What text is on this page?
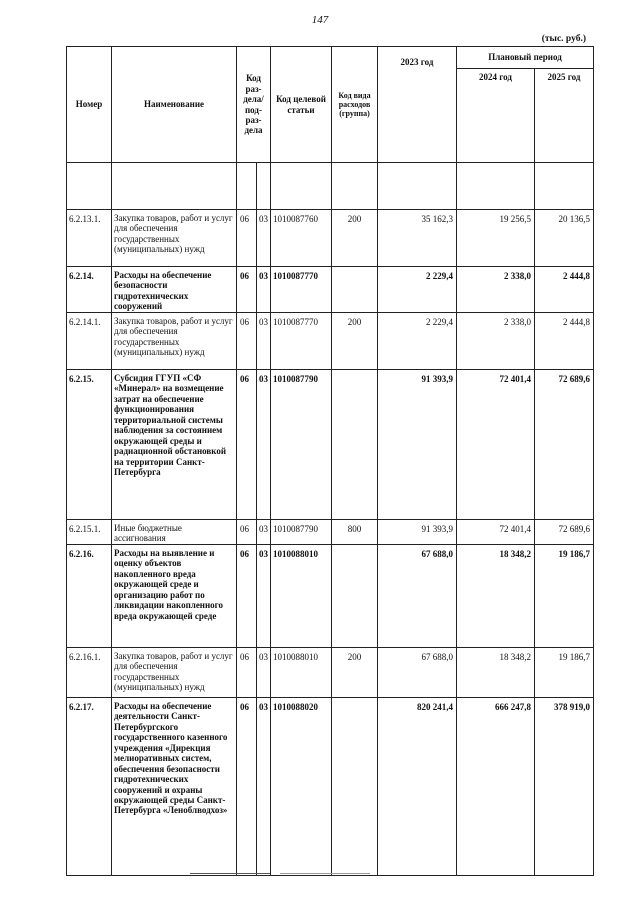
147
(тыс. руб.)
Номер	Наименование	Код раз-дела/ под-раз-дела		Код целевой статьи	Код вида расходов (группа)	2023 год	Плановый период	
							2024 год	2025 год

6.2.13.1.	Закупка товаров, работ и услуг для обеспечения государственных (муниципальных) нужд	06	03	1010087760	200	35 162,3	19 256,5	20 136,5
6.2.14.	Расходы на обеспечение безопасности гидротехнических сооружений	06	03	1010087770		2 229,4	2 338,0	2 444,8
6.2.14.1.	Закупка товаров, работ и услуг для обеспечения государственных (муниципальных) нужд	06	03	1010087770	200	2 229,4	2 338,0	2 444,8
6.2.15.	Субсидия ГГУП «СФ «Минерал» на возмещение затрат на обеспечение функционирования территориальной системы наблюдения за состоянием окружающей среды и радиационной обстановкой на территории Санкт-Петербурга	06	03	1010087790		91 393,9	72 401,4	72 689,6
6.2.15.1.	Иные бюджетные ассигнования	06	03	1010087790	800	91 393,9	72 401,4	72 689,6
6.2.16.	Расходы на выявление и оценку объектов накопленного вреда окружающей среде и организацию работ по ликвидации накопленного вреда окружающей среде	06	03	1010088010		67 688,0	18 348,2	19 186,7
6.2.16.1.	Закупка товаров, работ и услуг для обеспечения государственных (муниципальных) нужд	06	03	1010088010	200	67 688,0	18 348,2	19 186,7
6.2.17.	Расходы на обеспечение деятельности Санкт-Петербургского государственного казенного учреждения «Дирекция мелиоративных систем, обеспечения безопасности гидротехнических сооружений и охраны окружающей среды Санкт-Петербурга «Леноблводхоз»	06	03	1010088020		820 241,4	666 247,8	378 919,0
